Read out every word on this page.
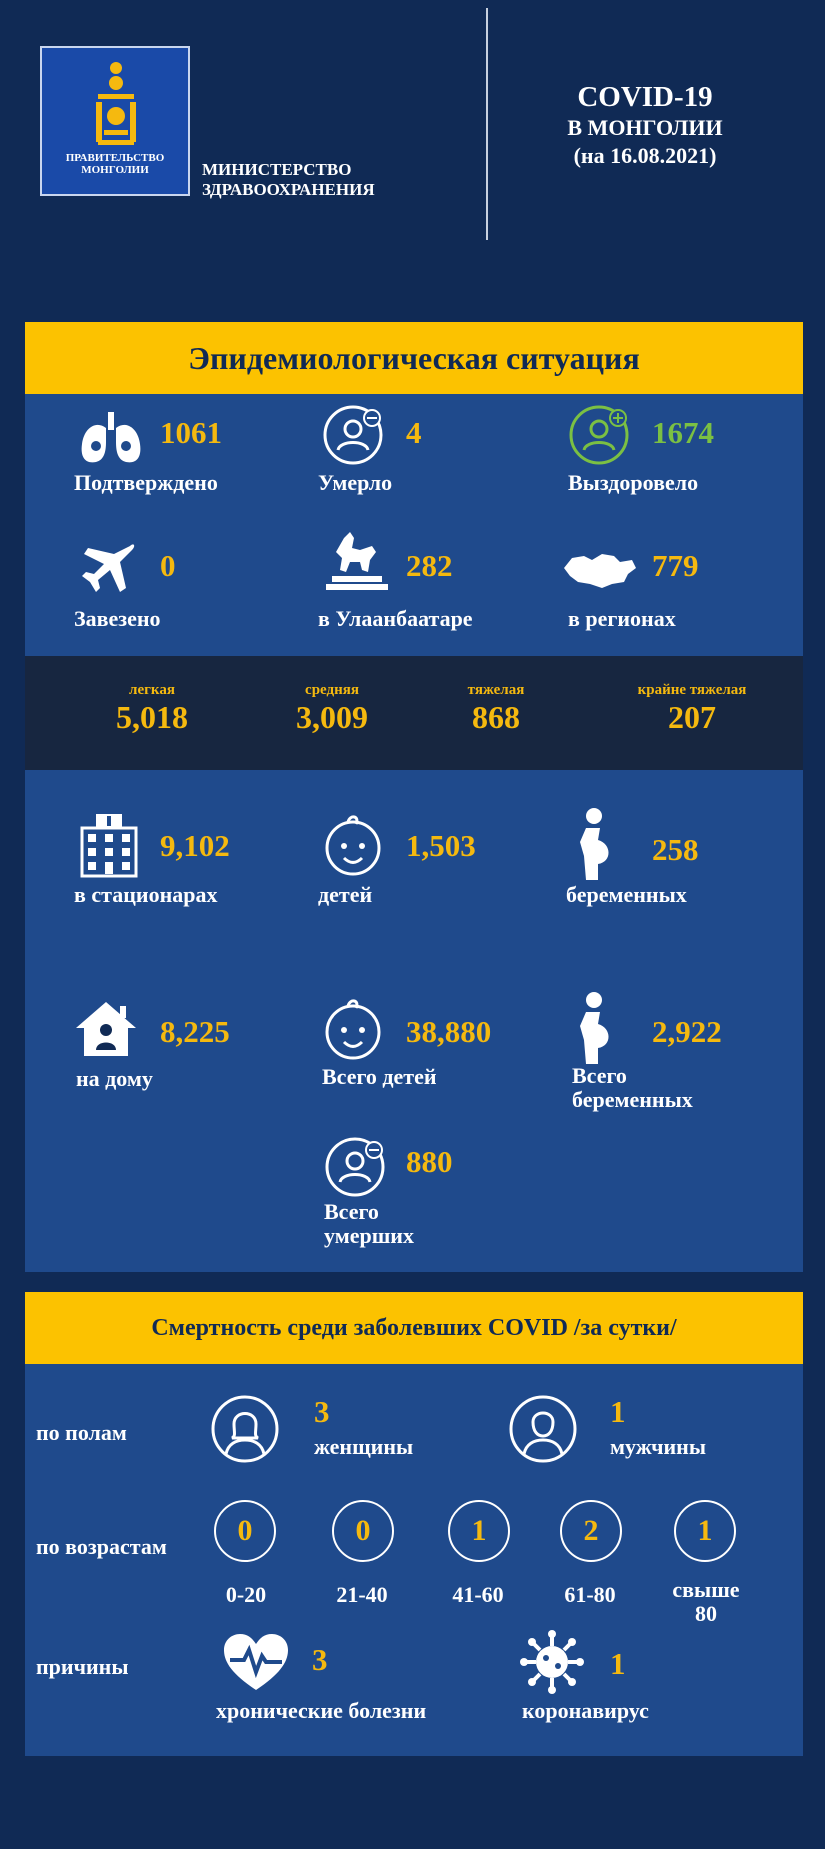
ПРАВИТЕЛЬСТВО
МОНГОЛИИ	МИНИСТЕРСТВО
ЗДРАВООХРАНЕНИЯ
COVID-19
В МОНГОЛИИ
(на 16.08.2021)
Эпидемиологическая ситуация
1061
Подтверждено
4
Умерло
1674
Выздоровело
0
Завезено
282
в Улаанбаатаре
779
в регионах
легкая
5,018
средняя
3,009
тяжелая
868
крайне тяжелая
207
9,102
в стационарах
1,503
детей
258
беременных
8,225
на дому
38,880
Всего детей
2,922
Всего
беременных
880
Всего
умерших
Смертность среди заболевших COVID /за сутки/
по полам
3
женщины
1
мужчины
по возрастам	0
0-20
0
21-40
1
41-60
2
61-80
1
свыше
80
причины	3
хронические болезни
1
коронавирус
